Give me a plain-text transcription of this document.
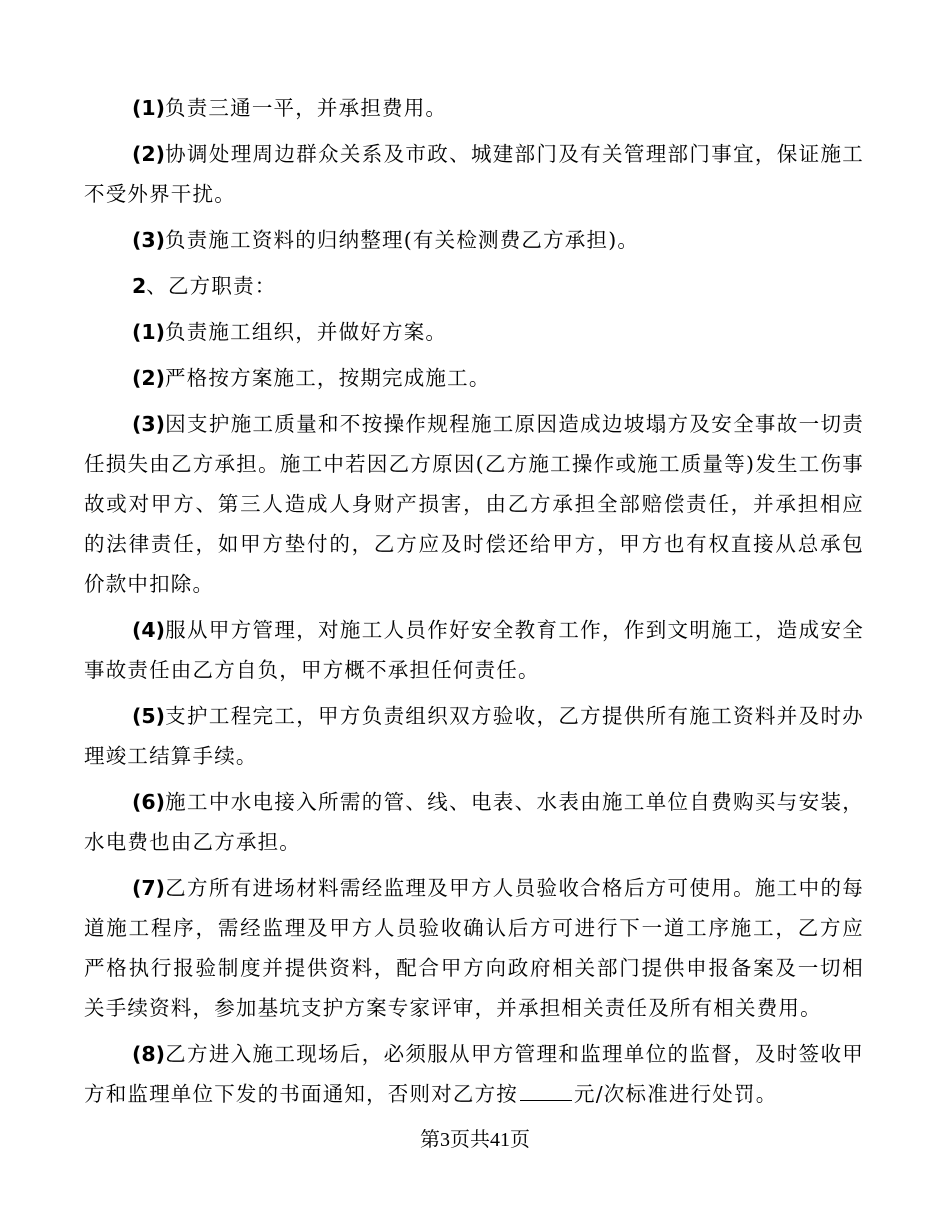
(1)负责三通一平，并承担费用。

(2)协调处理周边群众关系及市政、城建部门及有关管理部门事宜，保证施工不受外界干扰。

(3)负责施工资料的归纳整理(有关检测费乙方承担)。

2、乙方职责：

(1)负责施工组织，并做好方案。

(2)严格按方案施工，按期完成施工。

(3)因支护施工质量和不按操作规程施工原因造成边坡塌方及安全事故一切责任损失由乙方承担。施工中若因乙方原因(乙方施工操作或施工质量等)发生工伤事故或对甲方、第三人造成人身财产损害，由乙方承担全部赔偿责任，并承担相应的法律责任，如甲方垫付的，乙方应及时偿还给甲方，甲方也有权直接从总承包价款中扣除。

(4)服从甲方管理，对施工人员作好安全教育工作，作到文明施工，造成安全事故责任由乙方自负，甲方概不承担任何责任。

(5)支护工程完工，甲方负责组织双方验收，乙方提供所有施工资料并及时办理竣工结算手续。

(6)施工中水电接入所需的管、线、电表、水表由施工单位自费购买与安装，水电费也由乙方承担。

(7)乙方所有进场材料需经监理及甲方人员验收合格后方可使用。施工中的每道施工程序，需经监理及甲方人员验收确认后方可进行下一道工序施工，乙方应严格执行报验制度并提供资料，配合甲方向政府相关部门提供申报备案及一切相关手续资料，参加基坑支护方案专家评审，并承担相关责任及所有相关费用。

(8)乙方进入施工现场后，必须服从甲方管理和监理单位的监督，及时签收甲方和监理单位下发的书面通知，否则对乙方按	元/次标准进行处罚。

第3页共41页
